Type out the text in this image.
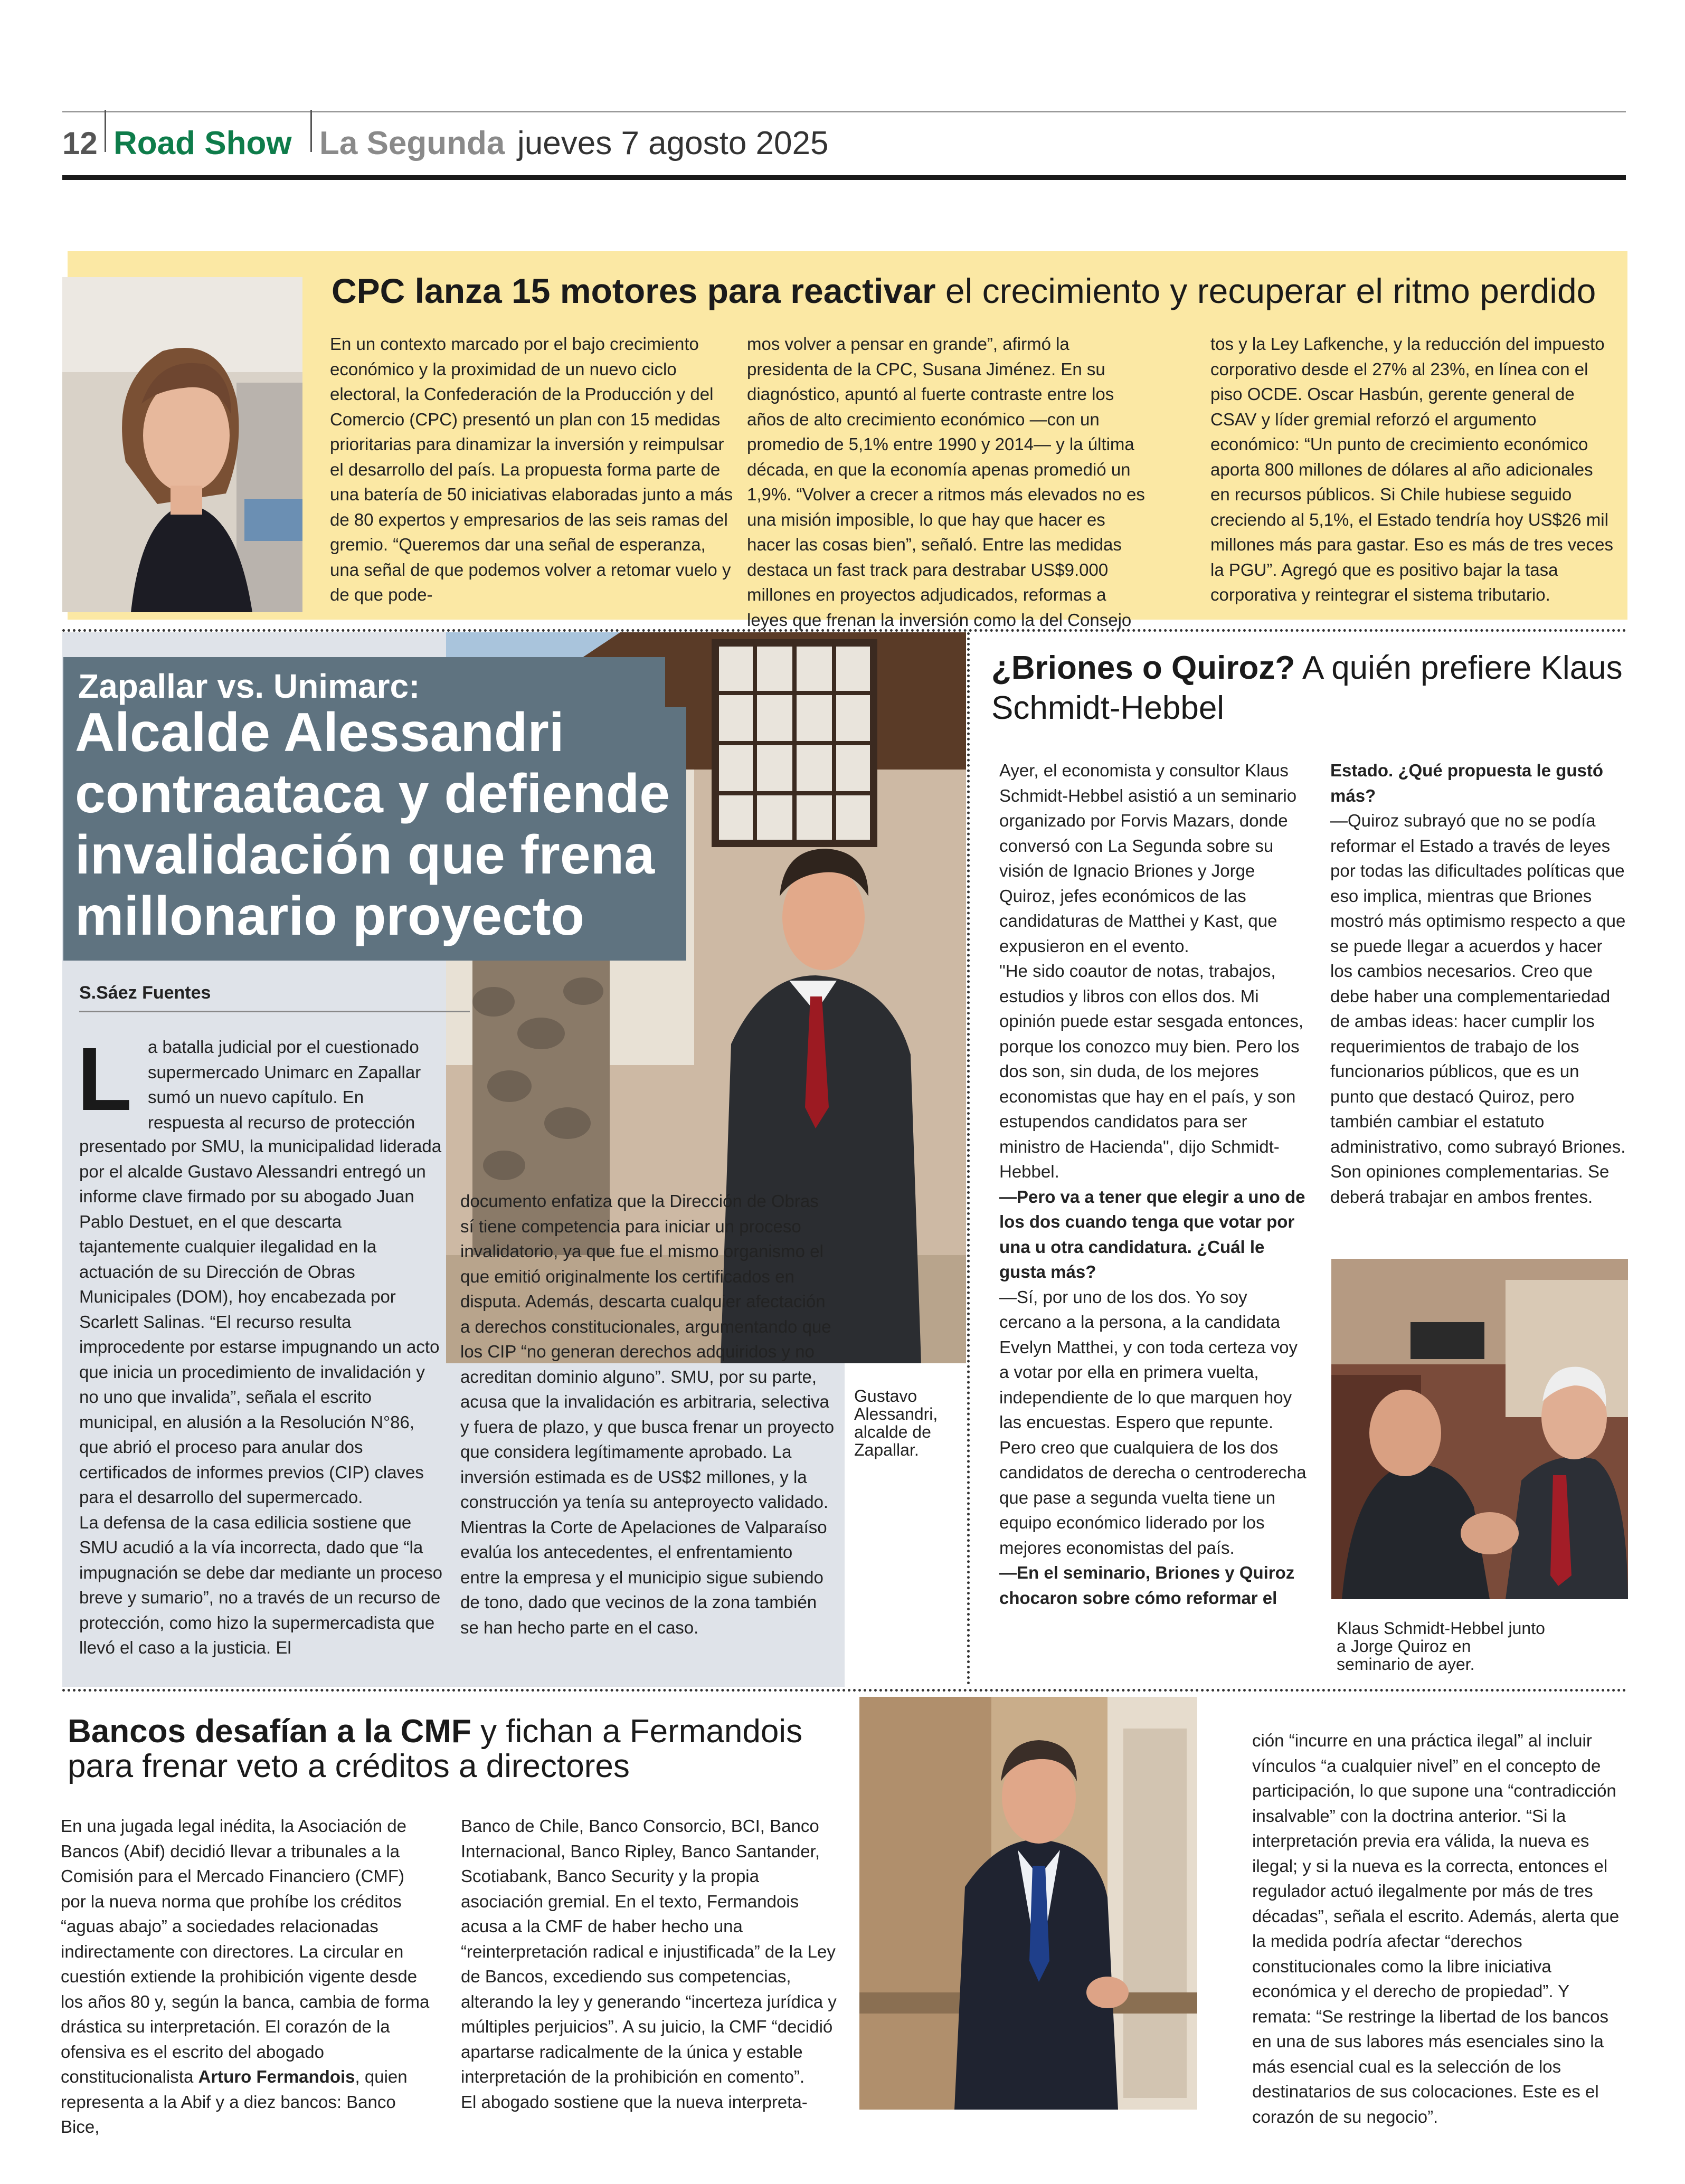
12 Road Show La Segunda jueves 7 agosto 2025
CPC lanza 15 motores para reactivar el crecimiento y recuperar el ritmo perdido

En un contexto marcado por el bajo crecimiento económico y la proximidad de un nuevo ciclo electoral, la Confederación de la Producción y del Comercio (CPC) presentó un plan con 15 medidas prioritarias para dinamizar la inversión y reimpulsar el desarrollo del país. La propuesta forma parte de una batería de 50 iniciativas elaboradas junto a más de 80 expertos y empresarios de las seis ramas del gremio. “Queremos dar una señal de esperanza, una señal de que podemos volver a retomar vuelo y de que pode-

mos volver a pensar en grande”, afirmó la presidenta de la CPC, Susana Jiménez. En su diagnóstico, apuntó al fuerte contraste entre los años de alto crecimiento económico —con un promedio de 5,1% entre 1990 y 2014— y la última década, en que la economía apenas promedió un 1,9%. “Volver a crecer a ritmos más elevados no es una misión imposible, lo que hay que hacer es hacer las cosas bien”, señaló. Entre las medidas destaca un fast track para destrabar US$9.000 millones en proyectos adjudicados, reformas a leyes que frenan la inversión como la del Consejo

tos y la Ley Lafkenche, y la reducción del impuesto corporativo desde el 27% al 23%, en línea con el piso OCDE. Oscar Hasbún, gerente general de CSAV y líder gremial reforzó el argumento económico: “Un punto de crecimiento económico aporta 800 millones de dólares al año adicionales en recursos públicos. Si Chile hubiese seguido creciendo al 5,1%, el Estado tendría hoy US$26 mil millones más para gastar. Eso es más de tres veces la PGU”. Agregó que es positivo bajar la tasa corporativa y reintegrar el sistema tributario.

Zapallar vs. Unimarc:
Alcalde Alessandri contraataca y defiende invalidación que frena millonario proyecto
S.Sáez Fuentes
L a batalla judicial por el cuestionado supermercado Unimarc en Zapallar sumó un nuevo capítulo. En respuesta al recurso de protección

presentado por SMU, la municipalidad liderada por el alcalde Gustavo Alessandri entregó un informe clave firmado por su abogado Juan Pablo Destuet, en el que descarta tajantemente cualquier ilegalidad en la actuación de su Dirección de Obras Municipales (DOM), hoy encabezada por Scarlett Salinas. “El recurso resulta improcedente por estarse impugnando un acto que inicia un procedimiento de invalidación y no uno que invalida”, señala el escrito municipal, en alusión a la Resolución N°86, que abrió el proceso para anular dos certificados de informes previos (CIP) claves para el desarrollo del supermercado.

La defensa de la casa edilicia sostiene que SMU acudió a la vía incorrecta, dado que “la impugnación se debe dar mediante un proceso breve y sumario”, no a través de un recurso de protección, como hizo la supermercadista que llevó el caso a la justicia. El

documento enfatiza que la Dirección de Obras sí tiene competencia para iniciar un proceso invalidatorio, ya que fue el mismo organismo el que emitió originalmente los certificados en disputa. Además, descarta cualquier afectación a derechos constitucionales, argumentando que los CIP “no generan derechos adquiridos y no acreditan dominio alguno”. SMU, por su parte, acusa que la invalidación es arbitraria, selectiva y fuera de plazo, y que busca frenar un proyecto que considera legítimamente aprobado. La inversión estimada es de US$2 millones, y la construcción ya tenía su anteproyecto validado. Mientras la Corte de Apelaciones de Valparaíso evalúa los antecedentes, el enfrentamiento entre la empresa y el municipio sigue subiendo de tono, dado que vecinos de la zona también se han hecho parte en el caso.

Gustavo Alessandri, alcalde de Zapallar.
¿Briones o Quiroz? A quién prefiere Klaus Schmidt-Hebbel

Ayer, el economista y consultor Klaus Schmidt-Hebbel asistió a un seminario organizado por Forvis Mazars, donde conversó con La Segunda sobre su visión de Ignacio Briones y Jorge Quiroz, jefes económicos de las candidaturas de Matthei y Kast, que expusieron en el evento.

"He sido coautor de notas, trabajos, estudios y libros con ellos dos. Mi opinión puede estar sesgada entonces, porque los conozco muy bien. Pero los dos son, sin duda, de los mejores economistas que hay en el país, y son estupendos candidatos para ser ministro de Hacienda", dijo Schmidt-Hebbel.

—Pero va a tener que elegir a uno de los dos cuando tenga que votar por una u otra candidatura. ¿Cuál le gusta más?

—Sí, por uno de los dos. Yo soy cercano a la persona, a la candidata Evelyn Matthei, y con toda certeza voy a votar por ella en primera vuelta, independiente de lo que marquen hoy las encuestas. Espero que repunte. Pero creo que cualquiera de los dos candidatos de derecha o centroderecha que pase a segunda vuelta tiene un equipo económico liderado por los mejores economistas del país.

—En el seminario, Briones y Quiroz chocaron sobre cómo reformar el

Estado. ¿Qué propuesta le gustó más?

—Quiroz subrayó que no se podía reformar el Estado a través de leyes por todas las dificultades políticas que eso implica, mientras que Briones mostró más optimismo respecto a que se puede llegar a acuerdos y hacer los cambios necesarios. Creo que debe haber una complementariedad de ambas ideas: hacer cumplir los requerimientos de trabajo de los funcionarios públicos, que es un punto que destacó Quiroz, pero también cambiar el estatuto administrativo, como subrayó Briones. Son opiniones complementarias. Se deberá trabajar en ambos frentes.

Klaus Schmidt-Hebbel junto a Jorge Quiroz en seminario de ayer.
Bancos desafían a la CMF y fichan a Fermandois
para frenar veto a créditos a directores

En una jugada legal inédita, la Asociación de Bancos (Abif) decidió llevar a tribunales a la Comisión para el Mercado Financiero (CMF) por la nueva norma que prohíbe los créditos “aguas abajo” a sociedades relacionadas indirectamente con directores. La circular en cuestión extiende la prohibición vigente desde los años 80 y, según la banca, cambia de forma drástica su interpretación. El corazón de la ofensiva es el escrito del abogado constitucionalista Arturo Fermandois, quien representa a la Abif y a diez bancos: Banco Bice,

Banco de Chile, Banco Consorcio, BCI, Banco Internacional, Banco Ripley, Banco Santander, Scotiabank, Banco Security y la propia asociación gremial. En el texto, Fermandois acusa a la CMF de haber hecho una “reinterpretación radical e injustificada” de la Ley de Bancos, excediendo sus competencias, alterando la ley y generando “incerteza jurídica y múltiples perjuicios”. A su juicio, la CMF “decidió apartarse radicalmente de la única y estable interpretación de la prohibición en comento”.

El abogado sostiene que la nueva interpreta-

ción “incurre en una práctica ilegal” al incluir vínculos “a cualquier nivel” en el concepto de participación, lo que supone una “contradicción insalvable” con la doctrina anterior. “Si la interpretación previa era válida, la nueva es ilegal; y si la nueva es la correcta, entonces el regulador actuó ilegalmente por más de tres décadas”, señala el escrito. Además, alerta que la medida podría afectar “derechos constitucionales como la libre iniciativa económica y el derecho de propiedad”. Y remata: “Se restringe la libertad de los bancos en una de sus labores más esenciales sino la más esencial cual es la selección de los destinatarios de sus colocaciones. Este es el corazón de su negocio”.
